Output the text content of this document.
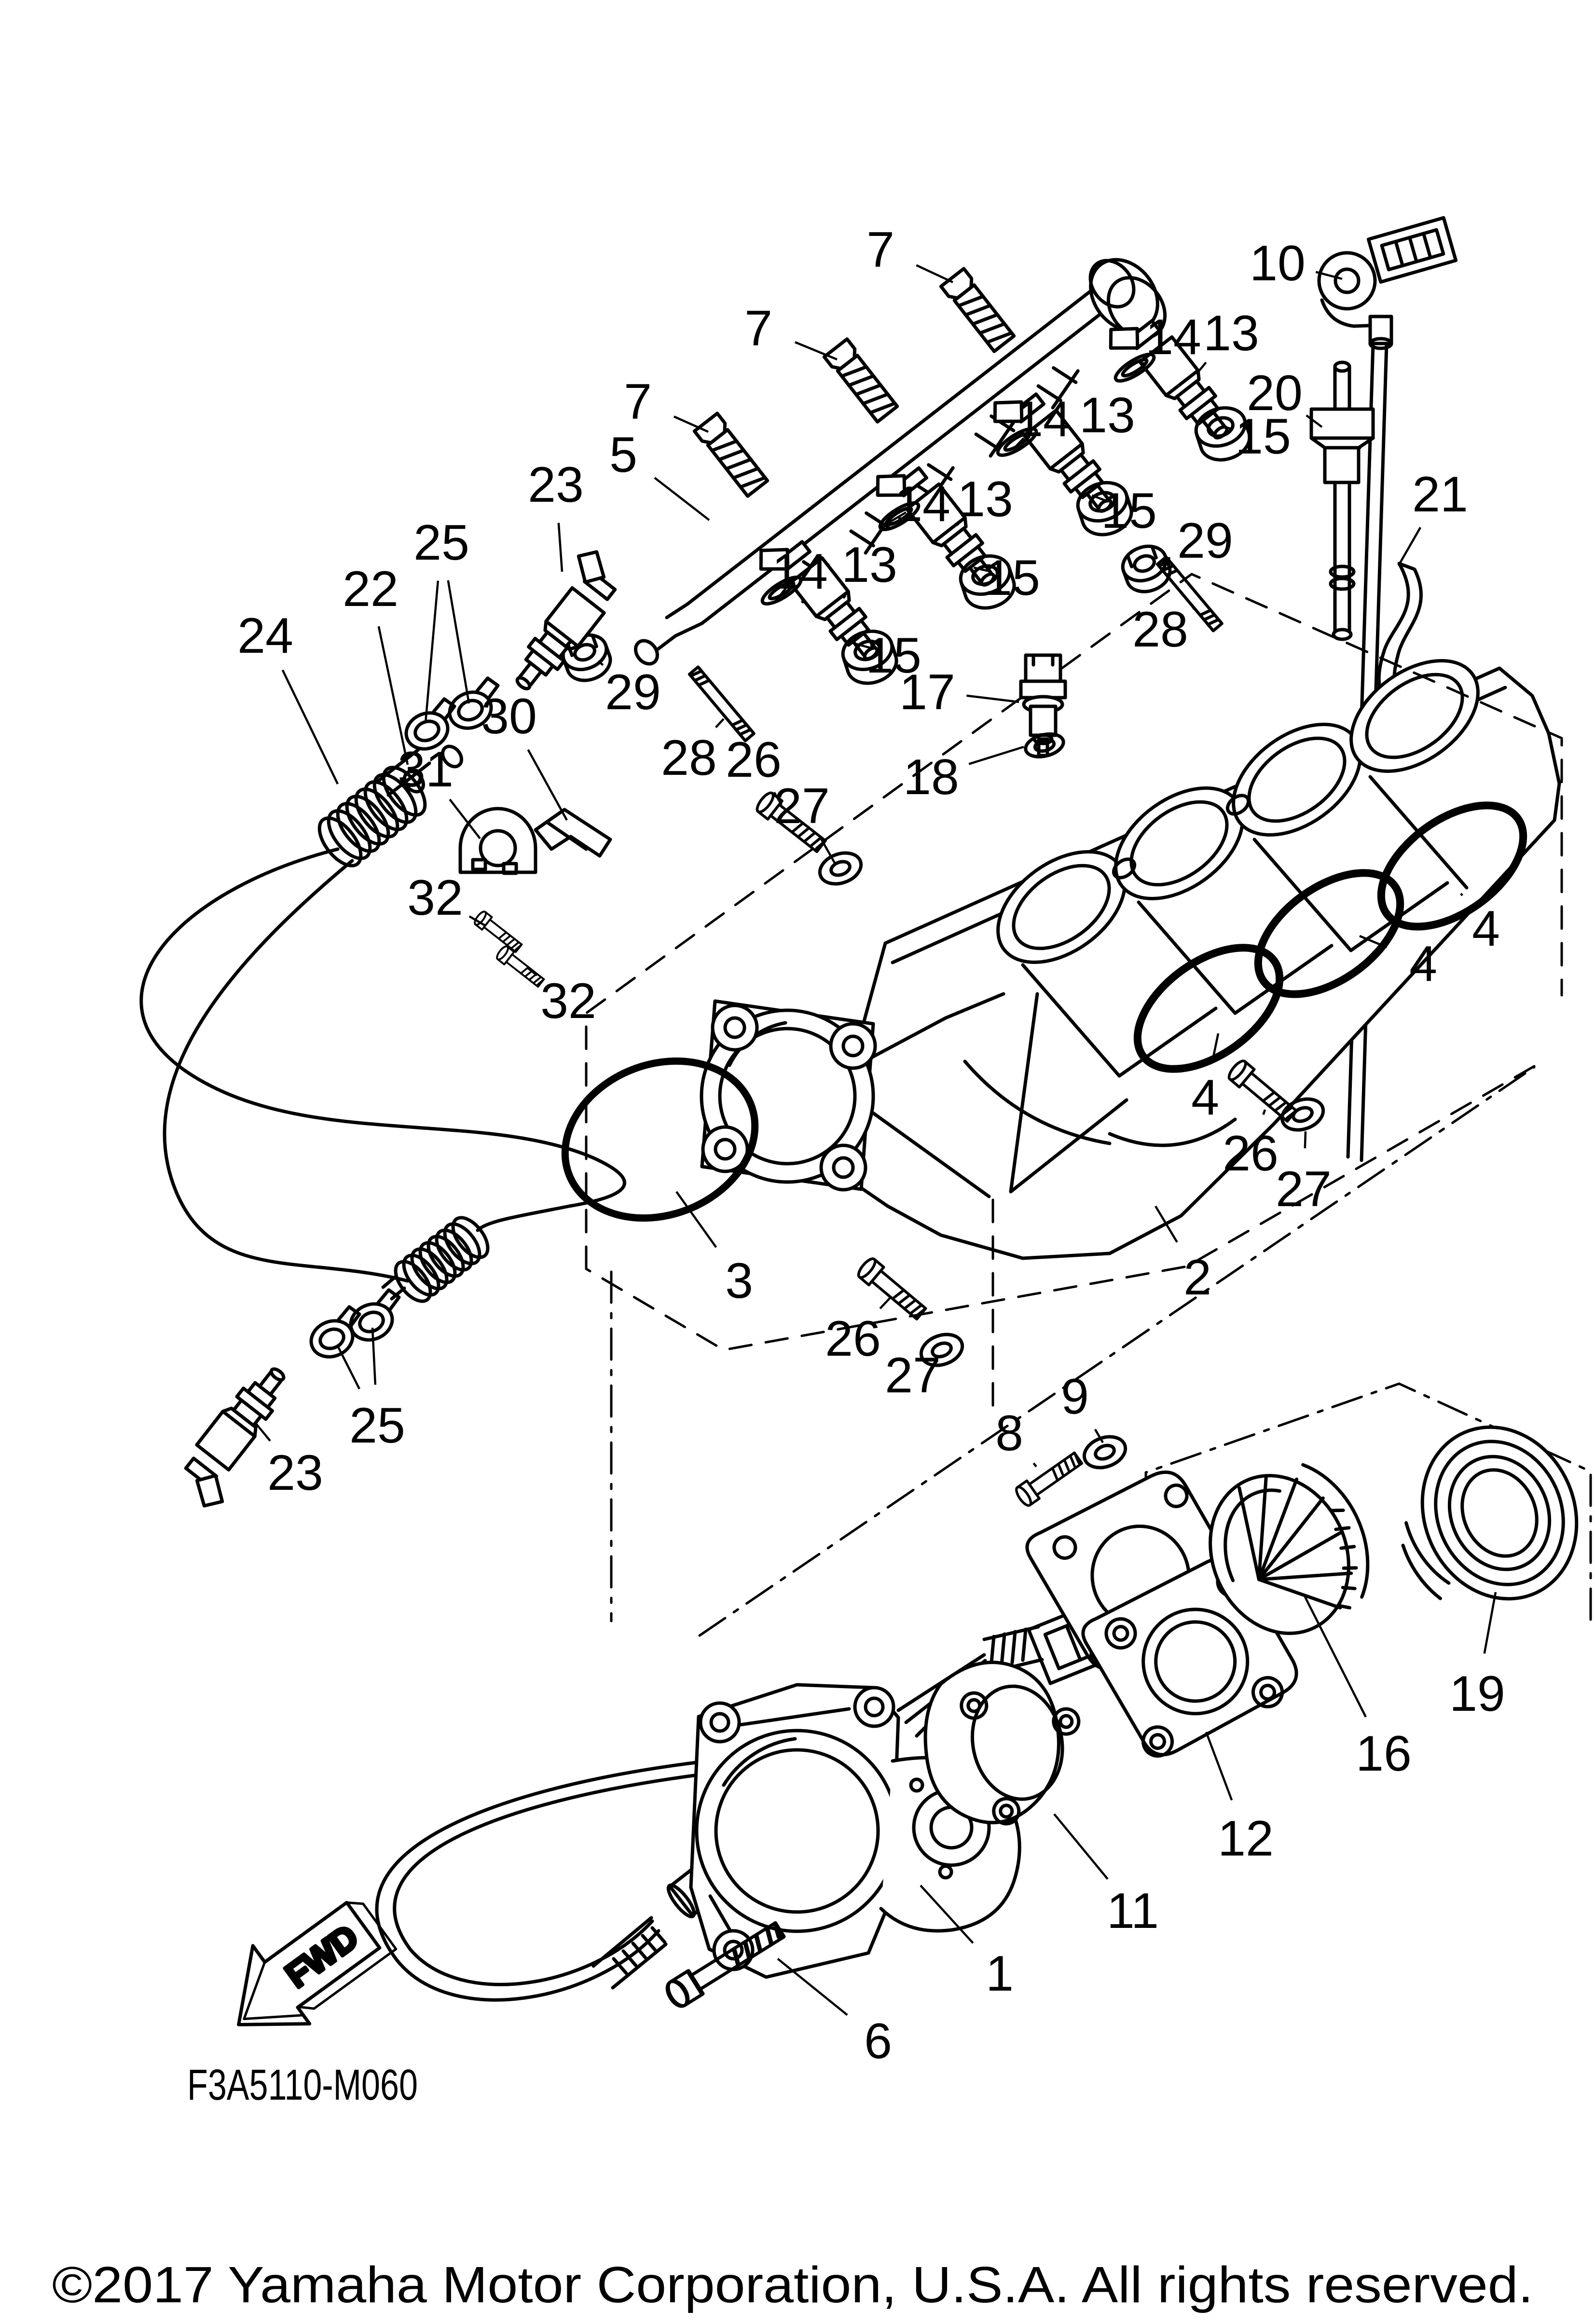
7
7
7
10
14 13
20
15
21
14 13
15
5
23	14 13
15
29
25
22	14 13
28
24	15
29
30	17
28 26
31
27
18
32
32
4
4
4
2
3
26
27
26
27 9
8
25
23
19
16
12
11
1
6
FWD
F3A5110-M060
©2017 Yamaha Motor Corporation, U.S.A. All rights reserved.
